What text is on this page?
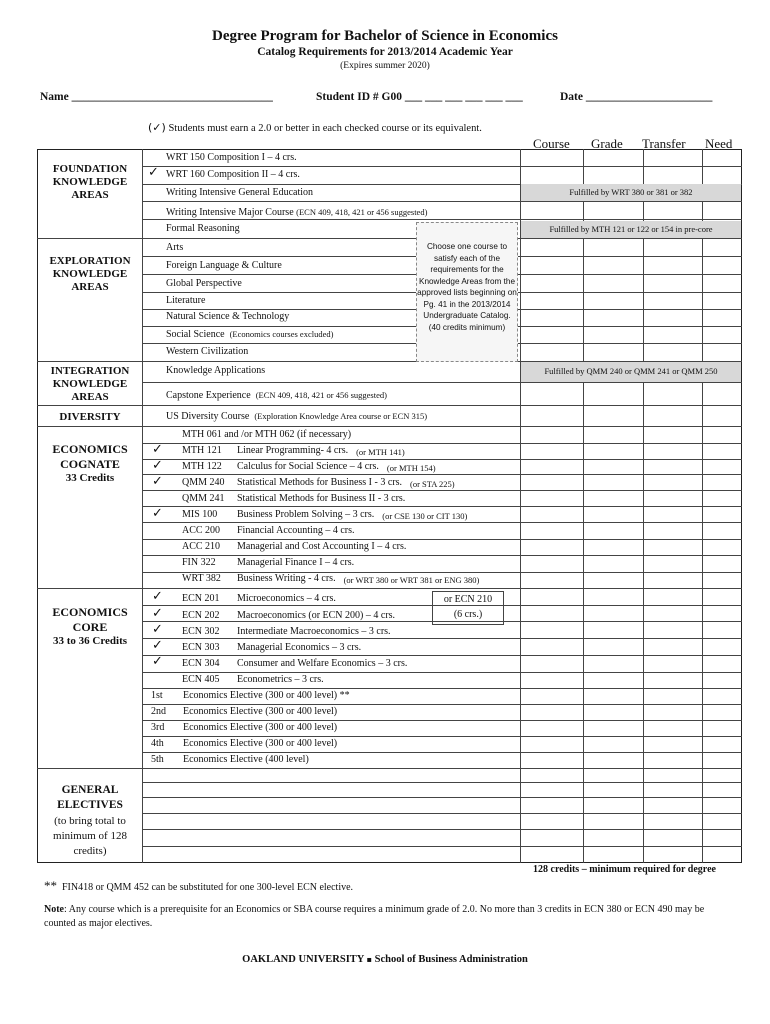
Degree Program for Bachelor of Science in Economics
Catalog Requirements for 2013/2014 Academic Year
(Expires summer 2020)
Name ___________________________________	Student ID # G00 ___ ___ ___ ___ ___ ___	Date ______________________
(✓) Students must earn a 2.0 or better in each checked course or its equivalent.
Course Grade Transfer Need
Fulfilled by WRT 380 or 381 or 382
Fulfilled by MTH 121 or 122 or 154 in pre-core
Fulfilled by QMM 240 or QMM 241 or QMM 250
FOUNDATION KNOWLEDGE AREAS
EXPLORATION KNOWLEDGE AREAS
INTEGRATION KNOWLEDGE AREAS
DIVERSITY
ECONOMICS COGNATE
33 Credits
ECONOMICS CORE
33 to 36 Credits
GENERAL ELECTIVES
(to bring total to minimum of 128 credits)
WRT 150 Composition I – 4 crs.
✓ WRT 160 Composition II – 4 crs.
Writing Intensive General Education
Writing Intensive Major Course (ECN 409, 418, 421 or 456 suggested)
Formal Reasoning
Arts
Foreign Language & Culture
Global Perspective
Literature
Natural Science & Technology
Social Science (Economics courses excluded)
Western Civilization
Choose one course to satisfy each of the requirements for the Knowledge Areas from the approved lists beginning on Pg. 41 in the 2013/2014 Undergraduate Catalog. (40 credits minimum)
Knowledge Applications
Capstone Experience (ECN 409, 418, 421 or 456 suggested)
US Diversity Course (Exploration Knowledge Area course or ECN 315)
MTH 061 and /or MTH 062 (if necessary)
✓ MTH 121 Linear Programming- 4 crs. (or MTH 141)
✓ MTH 122 Calculus for Social Science – 4 crs. (or MTH 154)
✓ QMM 240 Statistical Methods for Business I - 3 crs. (or STA 225)
QMM 241 Statistical Methods for Business II - 3 crs.
✓ MIS 100 Business Problem Solving – 3 crs. (or CSE 130 or CIT 130)
ACC 200 Financial Accounting – 4 crs.
ACC 210 Managerial and Cost Accounting I – 4 crs.
FIN 322 Managerial Finance I – 4 crs.
WRT 382 Business Writing - 4 crs. (or WRT 380 or WRT 381 or ENG 380)
✓ ECN 201 Microeconomics – 4 crs.
✓ ECN 202 Macroeconomics (or ECN 200) – 4 crs.
✓ ECN 302 Intermediate Macroeconomics – 3 crs.
✓ ECN 303 Managerial Economics – 3 crs.
✓ ECN 304 Consumer and Welfare Economics – 3 crs.
ECN 405 Econometrics – 3 crs.
1st Economics Elective (300 or 400 level) **
2nd Economics Elective (300 or 400 level)
3rd Economics Elective (300 or 400 level)
4th Economics Elective (300 or 400 level)
5th Economics Elective (400 level)
or ECN 210
(6 crs.)
128 credits – minimum required for degree
** FIN418 or QMM 452 can be substituted for one 300-level ECN elective.
Note: Any course which is a prerequisite for an Economics or SBA course requires a minimum grade of 2.0. No more than 3 credits in ECN 380 or ECN 490 may be counted as major electives.
OAKLAND UNIVERSITY ▪ School of Business Administration
